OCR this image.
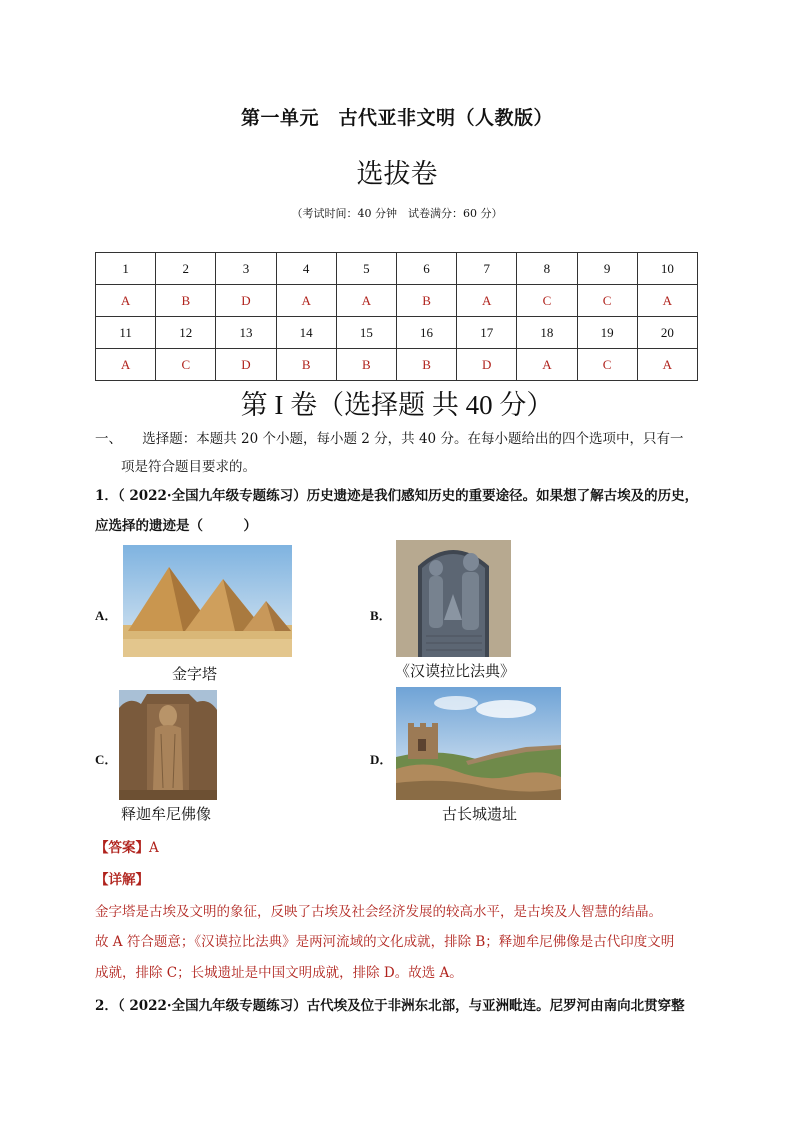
第一单元　古代亚非文明（人教版）
选拔卷
（考试时间：40 分钟　试卷满分：60 分）
1	2	3	4	5	6	7	8	9	10
A	B	D	A	A	B	A	C	C	A
11	12	13	14	15	16	17	18	19	20
A	C	D	B	B	B	D	A	C	A
第 I 卷（选择题 共 40 分）
一、　　选择题：本题共 20 个小题，每小题 2 分，共 40 分。在每小题给出的四个选项中，只有一
项是符合题目要求的。
1．（ 2022·全国九年级专题练习）历史遗迹是我们感知历史的重要途径。如果想了解古埃及的历史，
应选择的遗迹是（　　　）
A．
金字塔
B．
《汉谟拉比法典》
C．
释迦牟尼佛像
D．
古长城遗址
【答案】A
【详解】
金字塔是古埃及文明的象征，反映了古埃及社会经济发展的较高水平，是古埃及人智慧的结晶。
故 A 符合题意；《汉谟拉比法典》是两河流域的文化成就，排除 B；释迦牟尼佛像是古代印度文明
成就，排除 C；长城遗址是中国文明成就，排除 D。故选 A。
2．（ 2022·全国九年级专题练习）古代埃及位于非洲东北部，与亚洲毗连。尼罗河由南向北贯穿整
